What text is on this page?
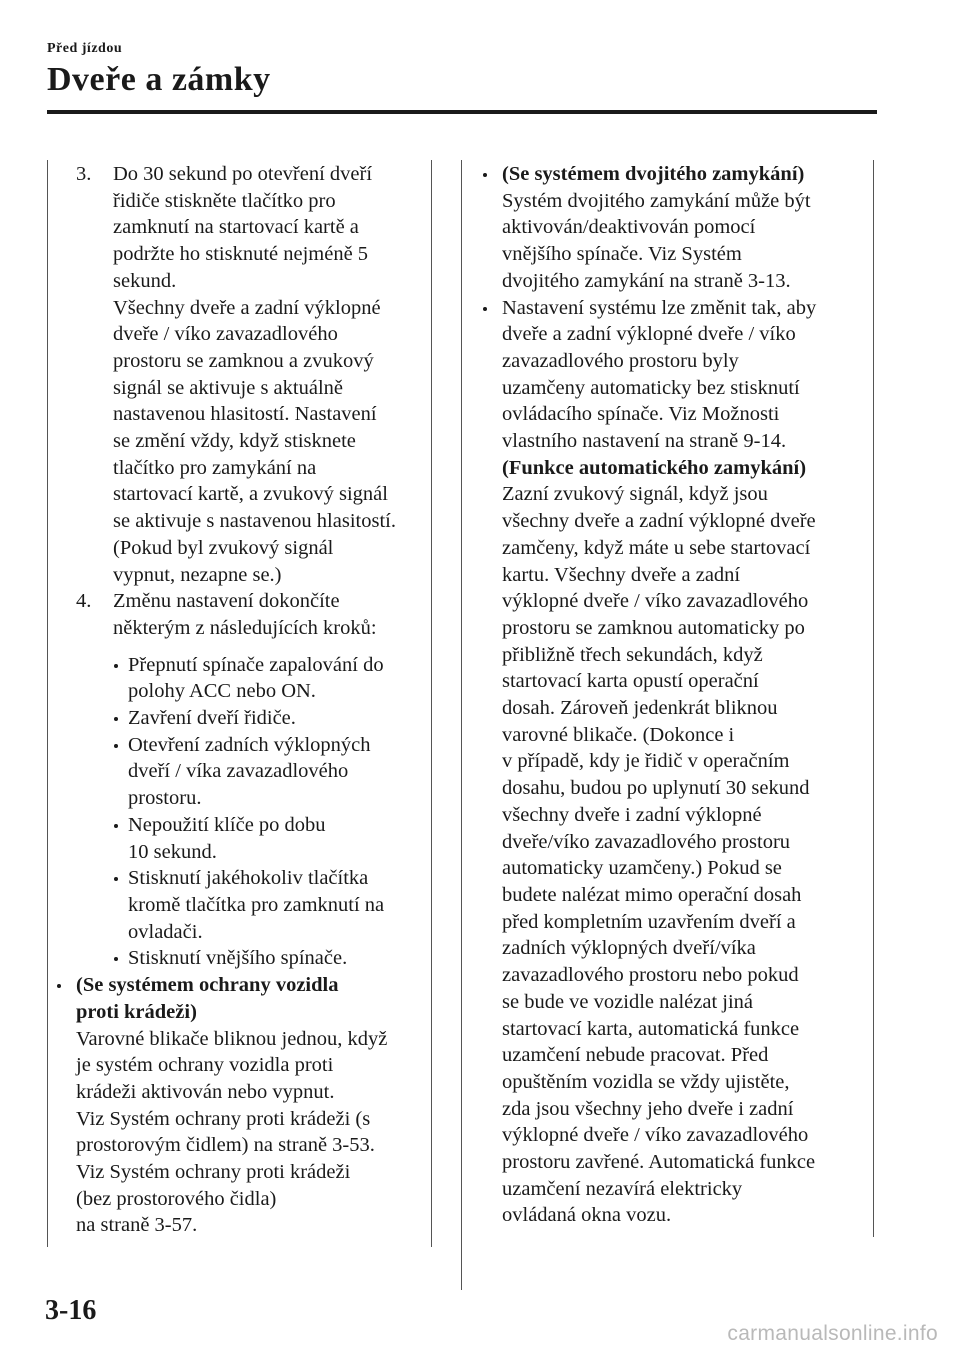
Před jízdou
Dveře a zámky
3. Do 30 sekund po otevření dveří

řidiče stiskněte tlačítko pro

zamknutí na startovací kartě a

podržte ho stisknuté nejméně 5

sekund.

Všechny dveře a zadní výklopné

dveře / víko zavazadlového

prostoru se zamknou a zvukový

signál se aktivuje s aktuálně

nastavenou hlasitostí. Nastavení

se změní vždy, když stisknete

tlačítko pro zamykání na

startovací kartě, a zvukový signál

se aktivuje s nastavenou hlasitostí.

(Pokud byl zvukový signál

vypnut, nezapne se.)

4. Změnu nastavení dokončíte

některým z následujících kroků:

Přepnutí spínače zapalování do

polohy ACC nebo ON.

Zavření dveří řidiče.

Otevření zadních výklopných

dveří / víka zavazadlového

prostoru.

Nepoužití klíče po dobu

10 sekund.

Stisknutí jakéhokoliv tlačítka

kromě tlačítka pro zamknutí na

ovladači.

Stisknutí vnějšího spínače.

(Se systémem ochrany vozidla

proti krádeži)

Varovné blikače bliknou jednou, když

je systém ochrany vozidla proti

krádeži aktivován nebo vypnut.

Viz Systém ochrany proti krádeži (s

prostorovým čidlem) na straně 3-53.

Viz Systém ochrany proti krádeži

(bez prostorového čidla)

na straně 3-57.

(Se systémem dvojitého zamykání)

Systém dvojitého zamykání může být

aktivován/deaktivován pomocí

vnějšího spínače. Viz Systém

dvojitého zamykání na straně 3-13.

Nastavení systému lze změnit tak, aby

dveře a zadní výklopné dveře / víko

zavazadlového prostoru byly

uzamčeny automaticky bez stisknutí

ovládacího spínače. Viz Možnosti

vlastního nastavení na straně 9-14.

(Funkce automatického zamykání)

Zazní zvukový signál, když jsou

všechny dveře a zadní výklopné dveře

zamčeny, když máte u sebe startovací

kartu. Všechny dveře a zadní

výklopné dveře / víko zavazadlového

prostoru se zamknou automaticky po

přibližně třech sekundách, když

startovací karta opustí operační

dosah. Zároveň jedenkrát bliknou

varovné blikače. (Dokonce i

v případě, kdy je řidič v operačním

dosahu, budou po uplynutí 30 sekund

všechny dveře i zadní výklopné

dveře/víko zavazadlového prostoru

automaticky uzamčeny.) Pokud se

budete nalézat mimo operační dosah

před kompletním uzavřením dveří a

zadních výklopných dveří/víka

zavazadlového prostoru nebo pokud

se bude ve vozidle nalézat jiná

startovací karta, automatická funkce

uzamčení nebude pracovat. Před

opuštěním vozidla se vždy ujistěte,

zda jsou všechny jeho dveře i zadní

výklopné dveře / víko zavazadlového

prostoru zavřené. Automatická funkce

uzamčení nezavírá elektricky

ovládaná okna vozu.

3-16
carmanualsonline.info
